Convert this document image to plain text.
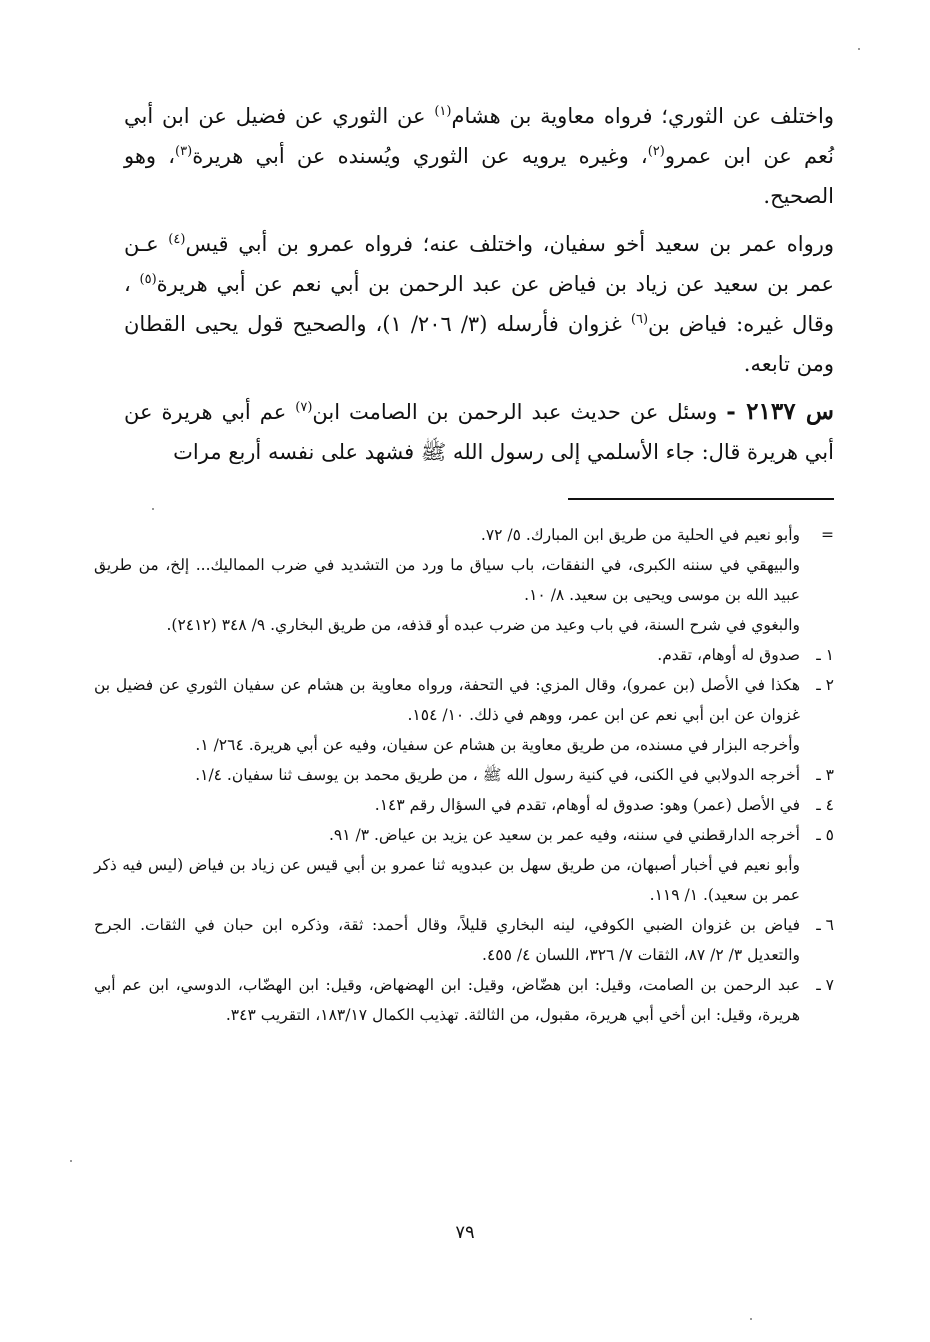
واختلف عن الثوري؛ فرواه معاوية بن هشام$^{(١)}$ عن الثوري عن فضيل عن ابن أبي نُعم عن ابن عمرو$^{(٢)}$، وغيره يرويه عن الثوري ويُسنده عن أبي هريرة$^{(٣)}$، وهو الصحيح.

ورواه عمر بن سعيد أخو سفيان، واختلف عنه؛ فرواه عمرو بن أبي قيس$^{(٤)}$ عـن عمر بن سعيد عن زياد بن فياض عن عبد الرحمن بن أبي نعم عن أبي هريرة$^{(٥)}$ ، وقال غيره: فياض بن$^{(٦)}$ غزوان فأرسله (٣/ ٢٠٦/ ١)، والصحيح قول يحيى القطان ومن تابعه.

س ٢١٣٧ - وسئل عن حديث عبد الرحمن بن الصامت ابن$^{(٧)}$ عم أبي هريرة عن أبي هريرة قال: جاء الأسلمي إلى رسول الله ﷺ فشهد على نفسه أربع مرات

=
وأبو نعيم في الحلية من طريق ابن المبارك. ٥/ ٧٢.
والبيهقي في سننه الكبرى، في النفقات، باب سياق ما ورد من التشديد في ضرب المماليك... إلخ، من طريق عبيد الله بن موسى ويحيى بن سعيد. ٨/ ١٠.
والبغوي في شرح السنة، في باب وعيد من ضرب عبده أو قذفه، من طريق البخاري. ٩/ ٣٤٨ (٢٤١٢).
١ ـ
صدوق له أوهام، تقدم.
٢ ـ
هكذا في الأصل (بن عمرو)، وقال المزي: في التحفة، ورواه معاوية بن هشام عن سفيان الثوري عن فضيل بن غزوان عن ابن أبي نعم عن ابن عمر، ووهم في ذلك. ١٠/ ١٥٤.
وأخرجه البزار في مسنده، من طريق معاوية بن هشام عن سفيان، وفيه عن أبي هريرة. ٢٦٤/ ١.
٣ ـ
أخرجه الدولابي في الكنى، في كنية رسول الله ﷺ ، من طريق محمد بن يوسف ثنا سفيان. ١/٤.
٤ ـ
في الأصل (عمر) وهو: صدوق له أوهام، تقدم في السؤال رقم ١٤٣.
٥ ـ
أخرجه الدارقطني في سننه، وفيه عمر بن سعيد عن يزيد بن عياض. ٣/ ٩١.
وأبو نعيم في أخبار أصبهان، من طريق سهل بن عبدويه ثنا عمرو بن أبي قيس عن زياد بن فياض (ليس فيه ذكر عمر بن سعيد). ١/ ١١٩.
٦ ـ
فياض بن غزوان الضبي الكوفي، لينه البخاري قليلاً، وقال أحمد: ثقة، وذكره ابن حبان في الثقات. الجرح والتعديل ٣/ ٢/ ٨٧، الثقات ٧/ ٣٢٦، اللسان ٤/ ٤٥٥.
٧ ـ
عبد الرحمن بن الصامت، وقيل: ابن هضّاض، وقيل: ابن الهضهاض، وقيل: ابن الهضّاب، الدوسي، ابن عم أبي هريرة، وقيل: ابن أخي أبي هريرة، مقبول، من الثالثة. تهذيب الكمال ١٨٣/١٧، التقريب ٣٤٣.
٧٩
